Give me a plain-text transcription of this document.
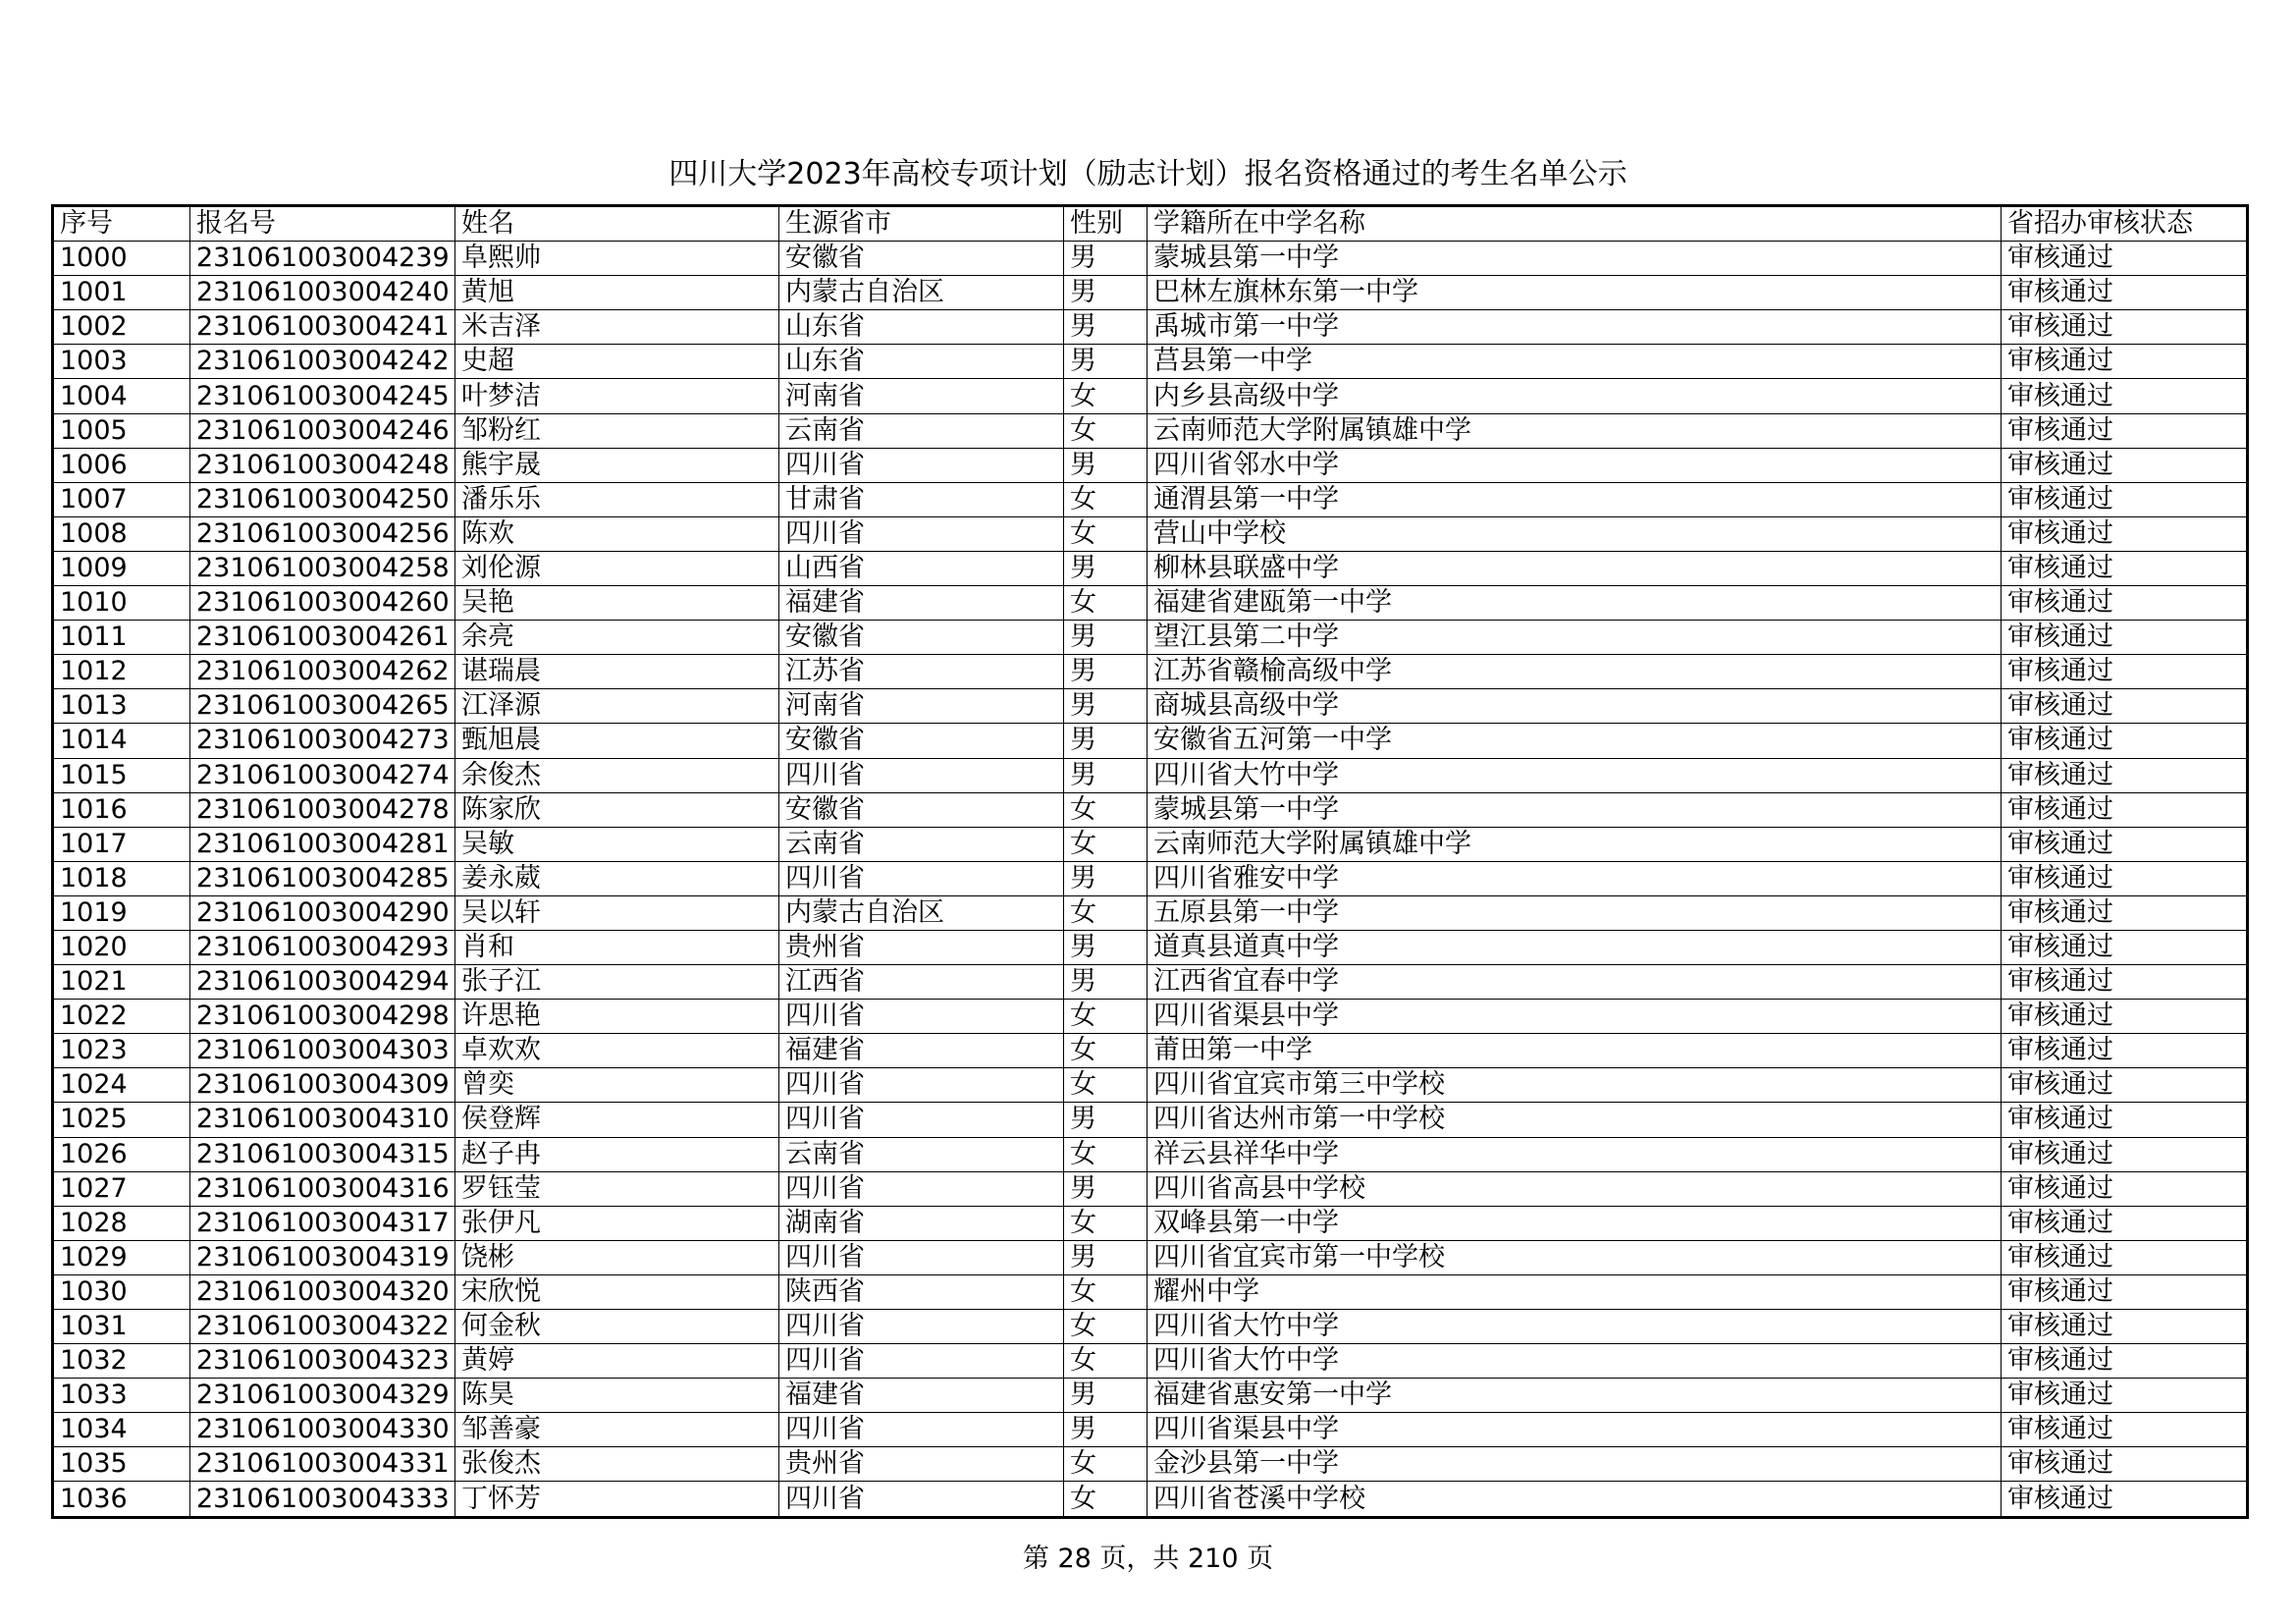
四川大学2023年高校专项计划（励志计划）报名资格通过的考生名单公示
序号	报名号	姓名	生源省市	性别	学籍所在中学名称	省招办审核状态
1000	231061003004239	阜熙帅	安徽省	男	蒙城县第一中学	审核通过
1001	231061003004240	黄旭	内蒙古自治区	男	巴林左旗林东第一中学	审核通过
1002	231061003004241	米吉泽	山东省	男	禹城市第一中学	审核通过
1003	231061003004242	史超	山东省	男	莒县第一中学	审核通过
1004	231061003004245	叶梦洁	河南省	女	内乡县高级中学	审核通过
1005	231061003004246	邹粉红	云南省	女	云南师范大学附属镇雄中学	审核通过
1006	231061003004248	熊宇晟	四川省	男	四川省邻水中学	审核通过
1007	231061003004250	潘乐乐	甘肃省	女	通渭县第一中学	审核通过
1008	231061003004256	陈欢	四川省	女	营山中学校	审核通过
1009	231061003004258	刘伦源	山西省	男	柳林县联盛中学	审核通过
1010	231061003004260	吴艳	福建省	女	福建省建瓯第一中学	审核通过
1011	231061003004261	余亮	安徽省	男	望江县第二中学	审核通过
1012	231061003004262	谌瑞晨	江苏省	男	江苏省赣榆高级中学	审核通过
1013	231061003004265	江泽源	河南省	男	商城县高级中学	审核通过
1014	231061003004273	甄旭晨	安徽省	男	安徽省五河第一中学	审核通过
1015	231061003004274	余俊杰	四川省	男	四川省大竹中学	审核通过
1016	231061003004278	陈家欣	安徽省	女	蒙城县第一中学	审核通过
1017	231061003004281	吴敏	云南省	女	云南师范大学附属镇雄中学	审核通过
1018	231061003004285	姜永葳	四川省	男	四川省雅安中学	审核通过
1019	231061003004290	吴以轩	内蒙古自治区	女	五原县第一中学	审核通过
1020	231061003004293	肖和	贵州省	男	道真县道真中学	审核通过
1021	231061003004294	张子江	江西省	男	江西省宜春中学	审核通过
1022	231061003004298	许思艳	四川省	女	四川省渠县中学	审核通过
1023	231061003004303	卓欢欢	福建省	女	莆田第一中学	审核通过
1024	231061003004309	曾奕	四川省	女	四川省宜宾市第三中学校	审核通过
1025	231061003004310	侯登辉	四川省	男	四川省达州市第一中学校	审核通过
1026	231061003004315	赵子冉	云南省	女	祥云县祥华中学	审核通过
1027	231061003004316	罗钰莹	四川省	男	四川省高县中学校	审核通过
1028	231061003004317	张伊凡	湖南省	女	双峰县第一中学	审核通过
1029	231061003004319	饶彬	四川省	男	四川省宜宾市第一中学校	审核通过
1030	231061003004320	宋欣悦	陕西省	女	耀州中学	审核通过
1031	231061003004322	何金秋	四川省	女	四川省大竹中学	审核通过
1032	231061003004323	黄婷	四川省	女	四川省大竹中学	审核通过
1033	231061003004329	陈昊	福建省	男	福建省惠安第一中学	审核通过
1034	231061003004330	邹善豪	四川省	男	四川省渠县中学	审核通过
1035	231061003004331	张俊杰	贵州省	女	金沙县第一中学	审核通过
1036	231061003004333	丁怀芳	四川省	女	四川省苍溪中学校	审核通过
第 28 页，共 210 页
